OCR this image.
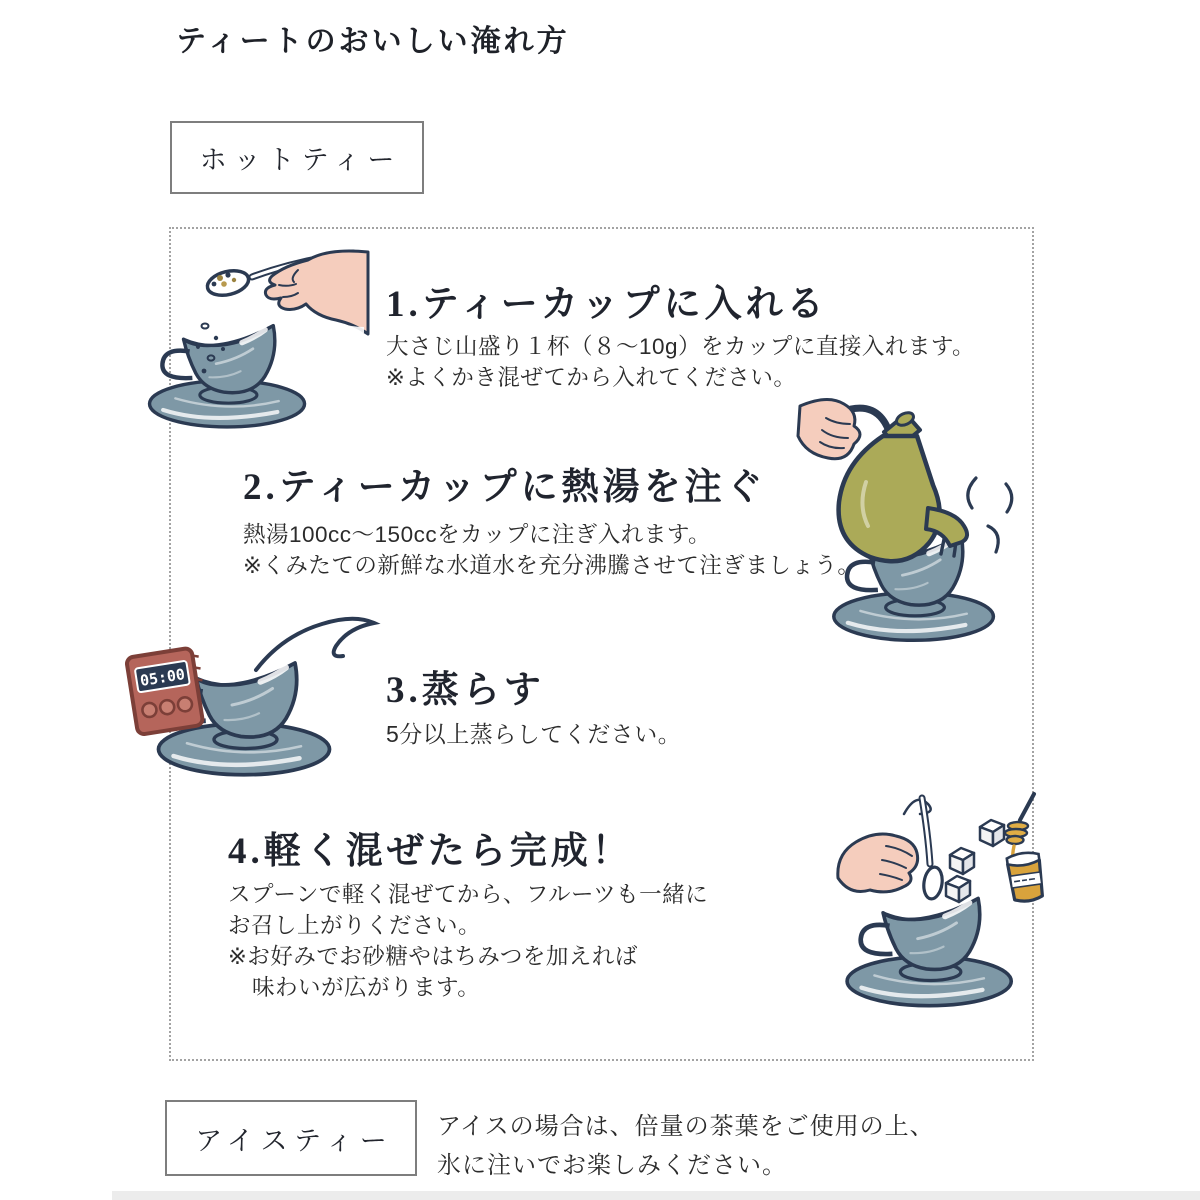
ティートのおいしい淹れ方
ホットティー
1.ティーカップに入れる
大さじ山盛り１杯（８～10g）をカップに直接入れます。
※よくかき混ぜてから入れてください。
2.ティーカップに熱湯を注ぐ
熱湯100cc～150ccをカップに注ぎ入れます。
※くみたての新鮮な水道水を充分沸騰させて注ぎましょう。
05:00	3.蒸らす
5分以上蒸らしてください。
4.軽く混ぜたら完成！
スプーンで軽く混ぜてから、フルーツも一緒に
お召し上がりください。
※お好みでお砂糖やはちみつを加えれば
味わいが広がります。
アイスティー アイスの場合は、倍量の茶葉をご使用の上、
氷に注いでお楽しみください。
